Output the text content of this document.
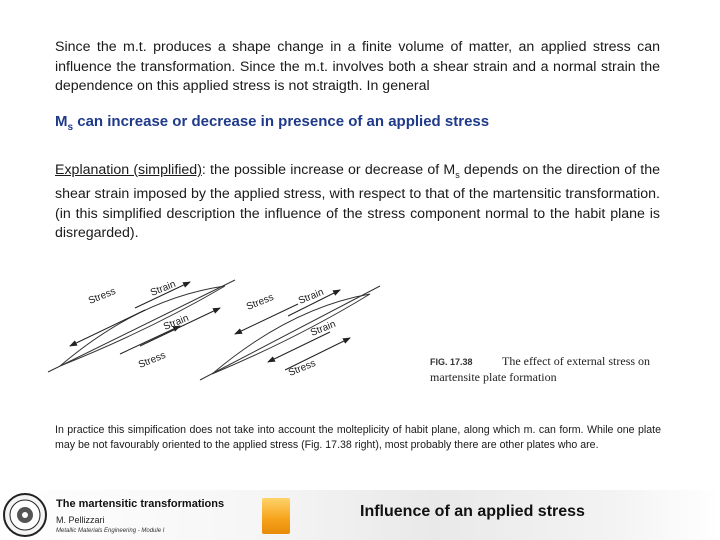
Since the m.t. produces a shape change in a finite volume of matter, an applied stress can influence the transformation. Since the m.t. involves both a shear strain and a normal strain the dependence on this applied stress is not straigth. In general

$M_s$ can increase or decrease in presence of an applied stress

Explanation (simplified): the possible increase or decrease of $M_s$ depends on the direction of the shear strain imposed by the applied stress, with respect to that of the martensitic transformation. (in this simplified description the influence of the stress component normal to the habit plane is disregarded).

Stress	Strain
Strain
Stress
Stress Strain
Strain
Stress	FIG. 17.38 The effect of external stress on
martensite plate formation

In practice this simpification does not take into account the molteplicity of habit plane, along which m. can form. While one plate may be not favourably oriented to the applied stress (Fig. 17.38 right), most probably there are other plates who are.

The martensitic transformations
M. Pellizzari
Metallic Materials Engineering - Module I
Influence of an applied stress
